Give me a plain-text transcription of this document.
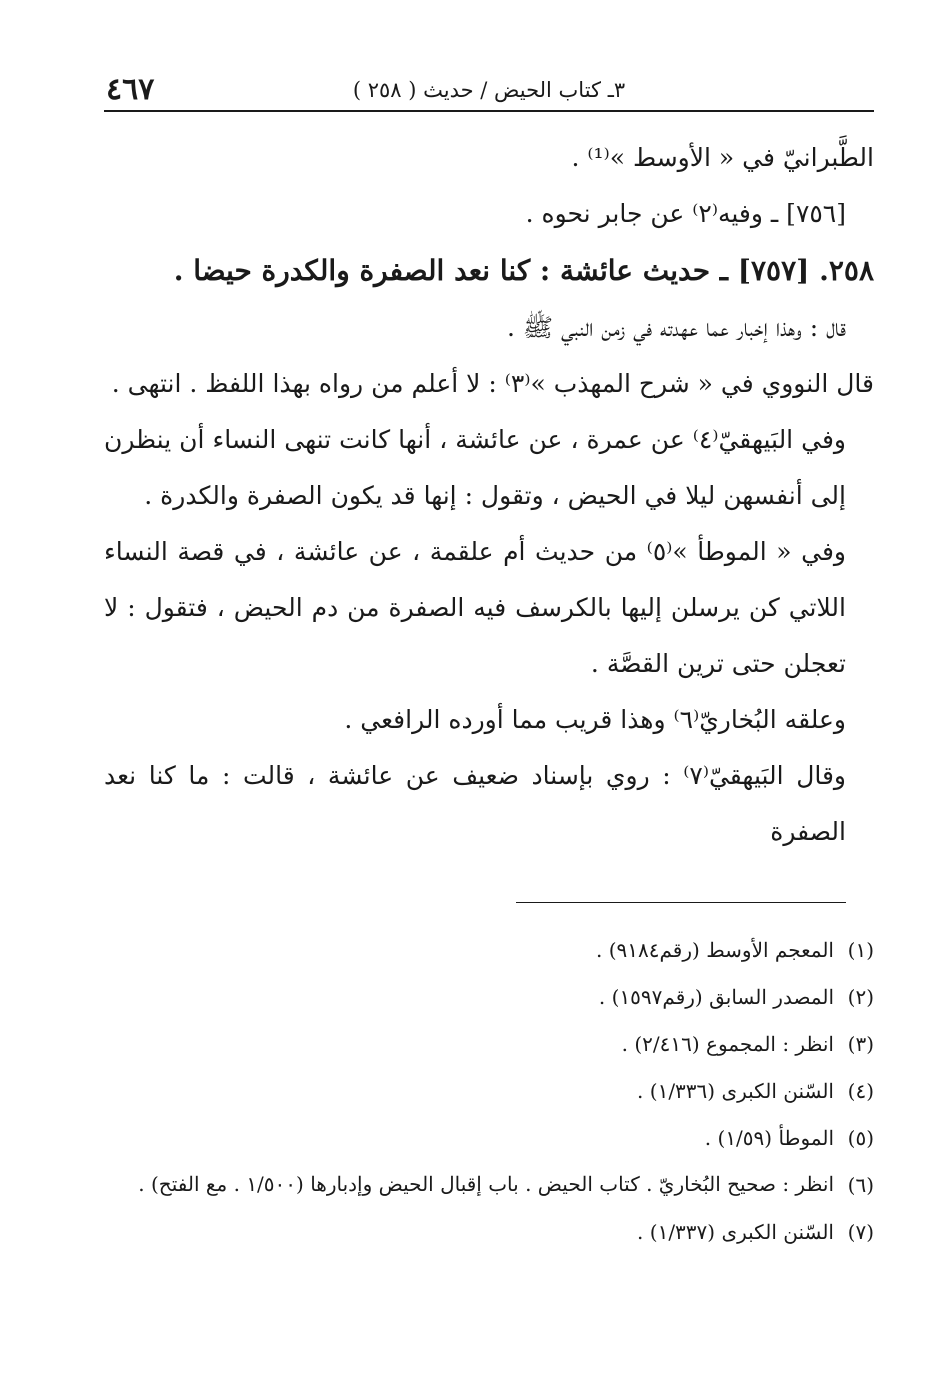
٣ـ كتاب الحيض / حديث ( ٢٥٨ )
٤٦٧

الطَّبرانيّ في « الأوسط »⁽¹⁾ .

[٧٥٦] ـ وفيه⁽٢⁾ عن جابر نحوه .

٢٥٨. [٧٥٧] ـ حديث عائشة : كنا نعد الصفرة والكدرة حيضا .

قال : وهذا إخبار عما عهدته في زمن النبي ﷺ .

قال النووي في « شرح المهذب »⁽٣⁾ : لا أعلم من رواه بهذا اللفظ . انتهى .

وفي البَيهقيّ⁽٤⁾ عن عمرة ، عن عائشة ، أنها كانت تنهى النساء أن ينظرن إلى أنفسهن ليلا في الحيض ، وتقول : إنها قد يكون الصفرة والكدرة .

وفي « الموطأ »⁽٥⁾ من حديث أم علقمة ، عن عائشة ، في قصة النساء اللاتي كن يرسلن إليها بالكرسف فيه الصفرة من دم الحيض ، فتقول : لا تعجلن حتى ترين القصَّة .

وعلقه البُخاريّ⁽٦⁾ وهذا قريب مما أورده الرافعي .

وقال البَيهقيّ⁽٧⁾ : روي بإسناد ضعيف عن عائشة ، قالت : ما كنا نعد الصفرة

(١)
المعجم الأوسط (رقم٩١٨٤) .
(٢)
المصدر السابق (رقم١٥٩٧) .
(٣)
انظر : المجموع (٢/٤١٦) .
(٤)
السّنن الكبرى (١/٣٣٦) .
(٥)
الموطأ (١/٥٩) .
(٦)
انظر : صحيح البُخاريّ . كتاب الحيض . باب إقبال الحيض وإدبارها (١/٥٠٠ . مع الفتح) .
(٧)
السّنن الكبرى (١/٣٣٧) .
